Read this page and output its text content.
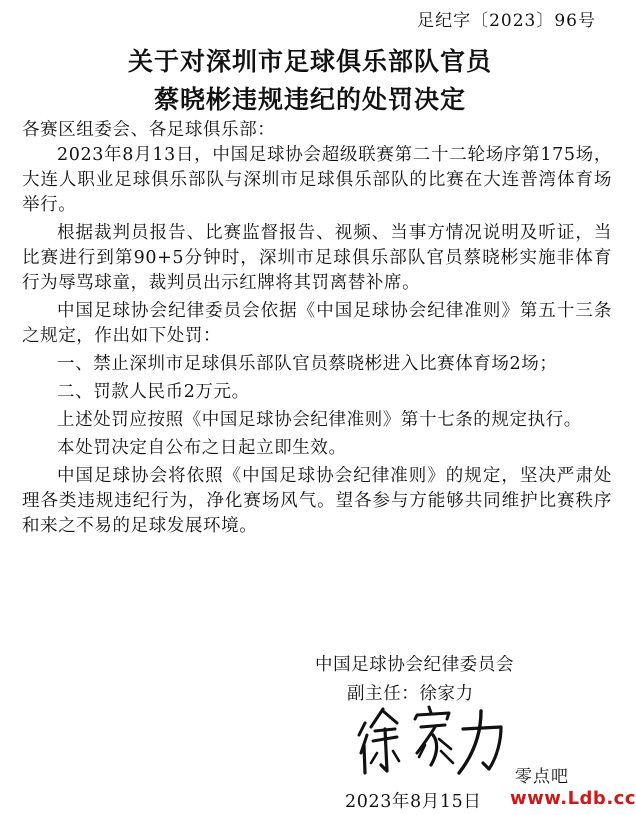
足纪字〔2023〕96号
关于对深圳市足球俱乐部队官员
蔡晓彬违规违纪的处罚决定

各赛区组委会、各足球俱乐部：

2023年8月13日，中国足球协会超级联赛第二十二轮场序第175场，大连人职业足球俱乐部队与深圳市足球俱乐部队的比赛在大连普湾体育场举行。

根据裁判员报告、比赛监督报告、视频、当事方情况说明及听证，当比赛进行到第90+5分钟时，深圳市足球俱乐部队官员蔡晓彬实施非体育行为辱骂球童，裁判员出示红牌将其罚离替补席。

中国足球协会纪律委员会依据《中国足球协会纪律准则》第五十三条之规定，作出如下处罚：

一、禁止深圳市足球俱乐部队官员蔡晓彬进入比赛体育场2场；

二、罚款人民币2万元。

上述处罚应按照《中国足球协会纪律准则》第十七条的规定执行。

本处罚决定自公布之日起立即生效。

中国足球协会将依照《中国足球协会纪律准则》的规定，坚决严肃处理各类违规违纪行为，净化赛场风气。望各参与方能够共同维护比赛秩序和来之不易的足球发展环境。

中国足球协会纪律委员会
副主任：徐家力
零点吧
2023年8月15日 www.Ldb.cc
